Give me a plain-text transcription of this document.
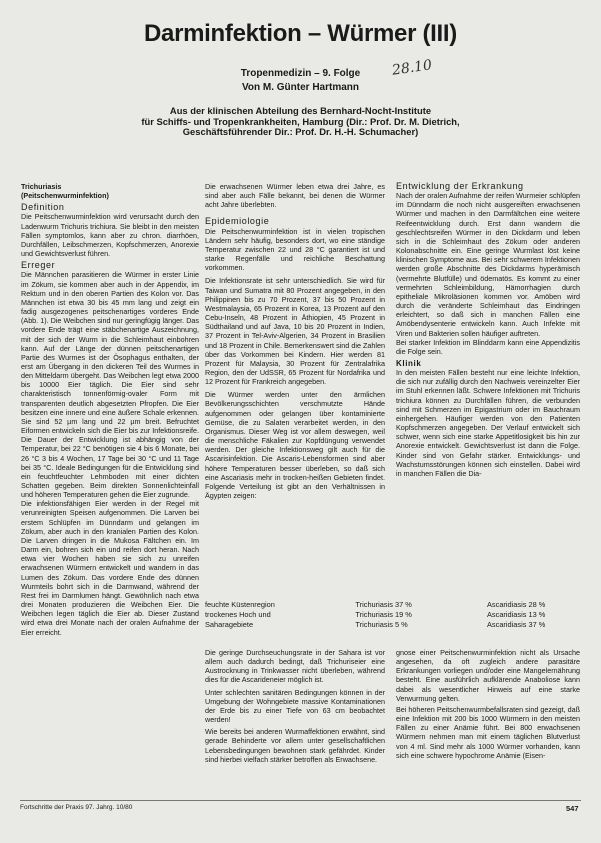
Darminfektion – Würmer (III)
28.10
Tropenmedizin – 9. Folge
Von M. Günter Hartmann
Aus der klinischen Abteilung des Bernhard-Nocht-Institute
für Schiffs- und Tropenkrankheiten, Hamburg (Dir.: Prof. Dr. M. Dietrich,
Geschäftsführender Dir.: Prof. Dr. H.-H. Schumacher)

Trichuriasis

(Peitschenwurminfektion)

Definition

Die Peitschenwurminfektion wird verursacht durch den Ladenwurm Trichuris trichiura. Sie bleibt in den meisten Fällen symptomlos, kann aber zu chron. diarrhöen, Durchfällen, Leibschmerzen, Kopfschmerzen, Anorexie und Gewichtsverlust führen.

Erreger

Die Männchen parasitieren die Würmer in erster Linie im Zökum, sie kommen aber auch in der Appendix, im Rektum und in den oberen Partien des Kolon vor. Das Männchen ist etwa 30 bis 45 mm lang und zeigt ein fadig ausgezogenes peitschenartiges vorderes Ende (Abb. 1). Die Weibchen sind nur geringfügig länger. Das vordere Ende trägt eine stäbchenartige Auszeichnung, mit der sich der Wurm in die Schleimhaut einbohren kann. Auf der Länge der dünnen peitschenartigen Partie des Wurmes ist der Ösophagus enthalten, der erst am Übergang in den dickeren Teil des Wurmes in den Mitteldarm übergeht. Das Weibchen legt etwa 2000 bis 10000 Eier täglich. Die Eier sind sehr charakteristisch tonnenförmig-ovaler Form mit transparenten deutlich abgesetzten Pfropfen. Die Eier besitzen eine innere und eine äußere Schale erkennen. Sie sind 52 µm lang und 22 µm breit. Befruchtet Eiformen entwickeln sich die Eier bis zur Infektionsreife. Die Dauer der Entwicklung ist abhängig von der Temperatur, bei 22 °C benötigen sie 4 bis 6 Monate, bei 26 °C 3 bis 4 Wochen, 17 Tage bei 30 °C und 11 Tage bei 35 °C. Ideale Bedingungen für die Entwicklung sind ein feuchtfeuchter Lehmboden mit einer dichten Schatten gegeben. Beim direkten Sonnenlichteinfall und höheren Temperaturen gehen die Eier zugrunde.

Die infektionsfähigen Eier werden in der Regel mit verunreinigten Speisen aufgenommen. Die Larven bei erstem Schlüpfen im Dünndarm und gelangen im Zökum, aber auch in den kranialen Partien des Kolon. Die Larven dringen in die Mukosa Fältchen ein. Im Darm ein, bohren sich ein und reifen dort heran. Nach etwa vier Wochen haben sie sich zu unreifen erwachsenen Würmern entwickelt und wandern in das Lumen des Zökum. Das vordere Ende des dünnen Wurmteils bohrt sich in die Darmwand, während der Rest frei im Darmlumen hängt. Gewöhnlich nach etwa drei Monaten produzieren die Weibchen Eier. Die Weibchen legen täglich die Eier ab. Dieser Zustand wird etwa drei Monate nach der oralen Aufnahme der Eier erreicht.

Die erwachsenen Würmer leben etwa drei Jahre, es sind aber auch Fälle bekannt, bei denen die Würmer acht Jahre überlebten.

Epidemiologie

Die Peitschenwurminfektion ist in vielen tropischen Ländern sehr häufig, besonders dort, wo eine ständige Temperatur zwischen 22 und 28 °C garantiert ist und starke Regenfälle und reichliche Beschattung vorkommen.

Die Infektionsrate ist sehr unterschiedlich. Sie wird für Taiwan und Sumatra mit 80 Prozent angegeben, in den Philippinen bis zu 70 Prozent, 37 bis 50 Prozent in Westmalaysia, 65 Prozent in Korea, 13 Prozent auf den Cebu-Inseln, 48 Prozent in Äthiopien, 45 Prozent in Südthailand und auf Java, 10 bis 20 Prozent in Indien, 37 Prozent in Tel-Aviv-Algerien, 34 Prozent in Brasilien und 18 Prozent in Chile. Bemerkenswert sind die Zahlen über das Vorkommen bei Kindern. Hier werden 81 Prozent für Malaysia, 30 Prozent für Zentralafrika Region, den der UdSSR, 65 Prozent für Nordafrika und 12 Prozent für Frankreich angegeben.

Die Würmer werden unter den ärmlichen Bevölkerungsschichten verschmutzte Hände aufgenommen oder gelangen über kontaminierte Gemüse, die zu Salaten verarbeitet werden, in den Organismus. Dieser Weg ist vor allem deswegen, weil die menschliche Fäkalien zur Kopfdüngung verwendet werden. Der gleiche Infektionsweg gilt auch für die Ascarisinfektion. Die Ascaris-Lebensformen sind aber höhere Temperaturen besser überleben, so daß sich eine Ascariasis mehr in trocken-heißen Gebieten findet. Folgende Verteilung ist gibt an den Verhältnissen in Ägypten zeigen:

Entwicklung der Erkrankung

Nach der oralen Aufnahme der reifen Wurmeier schlüpfen im Dünndarm die noch nicht ausgereiften erwachsenen Würmer und machen in den Darmfältchen eine weitere Reifeentwicklung durch. Erst dann wandern die geschlechtsreifen Würmer in den Dickdarm und leben sich in die Schleimhaut des Zökum oder anderen Kolonabschnitte ein. Eine geringe Wurmlast löst keine klinischen Symptome aus. Bei sehr schwerem Infektionen werden große Abschnitte des Dickdarms hyperämisch (vermehrte Blutfülle) und ödematös. Es kommt zu einer vermehrten Schleimbildung, Hämorrhagien durch epitheliale Mikroläsionen kommen vor. Amöben wird durch die veränderte Schleimhaut das Eindringen erleichtert, so daß sich in manchen Fällen eine Amöbendysenterie entwickeln kann. Auch Infekte mit Viren und Bakterien sollen häufiger auftreten.

Bei starker Infektion im Blinddarm kann eine Appendizitis die Folge sein.

Klinik

In den meisten Fällen besteht nur eine leichte Infektion, die sich nur zufällig durch den Nachweis vereinzelter Eier im Stuhl erkennen läßt. Schwere Infektionen mit Trichuris trichiura können zu Durchfällen führen, die verbunden sind mit Schmerzen im Epigastrium oder im Bauchraum einhergehen. Häufiger werden von den Patienten Kopfschmerzen angegeben. Der Verlauf entwickelt sich schwer, wenn sich eine starke Appetitlosigkeit bis hin zur Anorexie entwickelt. Gewichtsverlust ist dann die Folge. Kinder sind von Gefahr stärker. Entwicklungs- und Wachstumsstörungen können sich einstellen. Dabei wird in manchen Fällen die Dia-

feuchte Küstenregion	Trichuriasis 37 %	Ascaridiasis 28 %
trockenes Hoch und	Trichuriasis 19 %	Ascaridiasis 13 %
Saharagebiete	Trichuriasis 5 %	Ascaridiasis 37 %

Die geringe Durchseuchungsrate in der Sahara ist vor allem auch dadurch bedingt, daß Trichuriseier eine Austrocknung in Trinkwasser nicht überleben, während dies für die Ascarideneier möglich ist.

Unter schlechten sanitären Bedingungen können in der Umgebung der Wohngebiete massive Kontaminationen der Erde bis zu einer Tiefe von 63 cm beobachtet werden!

Wie bereits bei anderen Wurmaffektionen erwähnt, sind gerade Behinderte vor allem unter gesellschaftlichen Lebensbedingungen bewohnen stark gefährdet. Kinder sind hierbei vielfach stärker betroffen als Erwachsene.

gnose einer Peitschenwurminfektion nicht als Ursache angesehen, da oft zugleich andere parasitäre Erkrankungen vorliegen und/oder eine Mangelernährung besteht. Eine ausführlich aufklärende Anaboliose kann dabei als wesentlicher Hinweis auf eine starke Verwurmung gelten.

Bei höheren Peitschenwurmbefallsraten sind gezeigt, daß eine Infektion mit 200 bis 1000 Würmern in den meisten Fällen zu einer Anämie führt. Bei 800 erwachsenen Würmern nehmen man mit einem täglichen Blutverlust von 4 ml. Sind mehr als 1000 Würmer vorhanden, kann sich eine schwere hypochrome Anämie (Eisen-

Fortschritte der Praxis 97. Jahrg. 10/80	547
